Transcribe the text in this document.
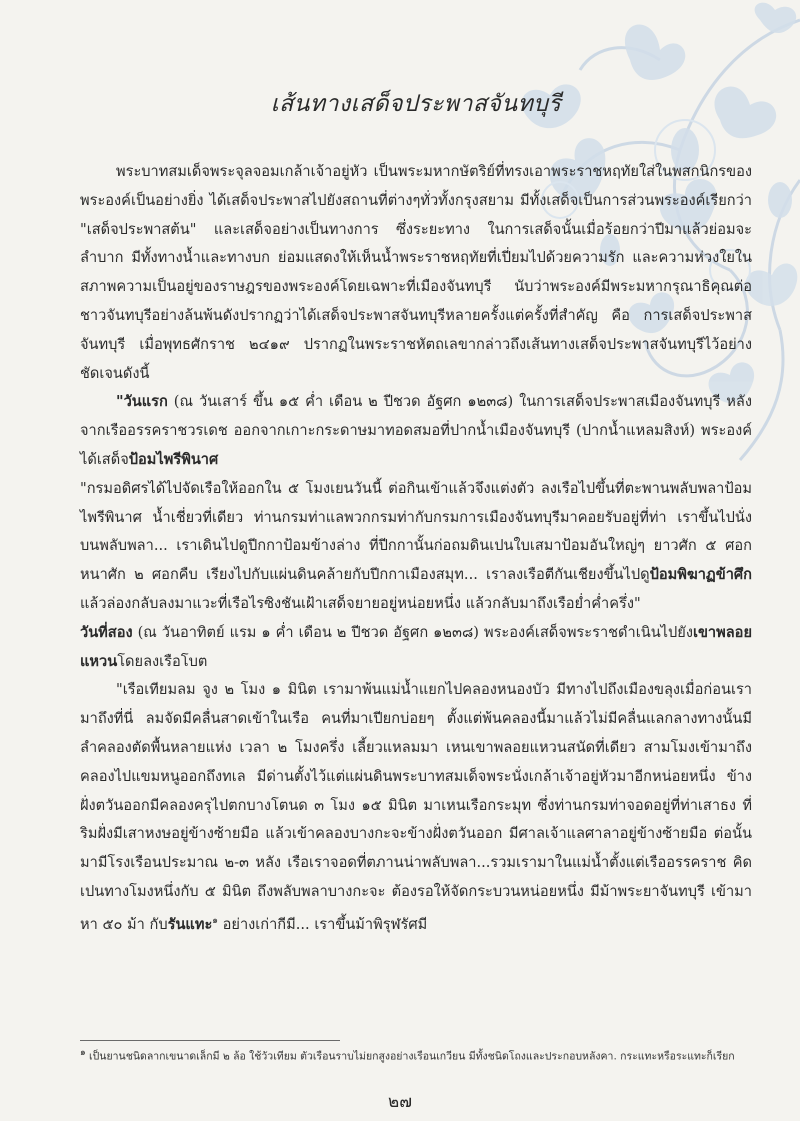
เส้นทางเสด็จประพาสจันทบุรี

พระบาทสมเด็จพระจุลจอมเกล้าเจ้าอยู่หัว เป็นพระมหากษัตริย์ที่ทรงเอาพระราชหฤทัยใส่ในพสกนิกรของพระองค์เป็นอย่างยิ่ง ได้เสด็จประพาสไปยังสถานที่ต่างๆทั่วทั้งกรุงสยาม มีทั้งเสด็จเป็นการส่วนพระองค์เรียกว่า "เสด็จประพาสต้น" และเสด็จอย่างเป็นทางการ ซึ่งระยะทาง ในการเสด็จนั้นเมื่อร้อยกว่าปีมาแล้วย่อมจะลำบาก มีทั้งทางน้ำและทางบก ย่อมแสดงให้เห็นน้ำพระราชหฤทัยที่เปี่ยมไปด้วยความรัก และความห่วงใยใน สภาพความเป็นอยู่ของราษฎรของพระองค์โดยเฉพาะที่เมืองจันทบุรี นับว่าพระองค์มีพระมหากรุณาธิคุณต่อชาวจันทบุรีอย่างล้นพ้นดังปรากฏว่าได้เสด็จประพาสจันทบุรีหลายครั้งแต่ครั้งที่สำคัญ คือ การเสด็จประพาสจันทบุรี เมื่อพุทธศักราช ๒๔๑๙ ปรากฏในพระราชหัตถเลขากล่าวถึงเส้นทางเสด็จประพาสจันทบุรีไว้อย่างชัดเจนดังนี้

"วันแรก (ณ วันเสาร์ ขึ้น ๑๕ ค่ำ เดือน ๒ ปีชวด อัฐศก ๑๒๓๘) ในการเสด็จประพาสเมืองจันทบุรี หลังจากเรืออรรคราชวรเดช ออกจากเกาะกระดาษมาทอดสมอที่ปากน้ำเมืองจันทบุรี (ปากน้ำแหลมสิงห์) พระองค์ได้เสด็จป้อมไพรีพินาศ

"กรมอดิศรได้ไปจัดเรือให้ออกใน ๕ โมงเยนวันนี้ ต่อกินเข้าแล้วจึงแต่งตัว ลงเรือไปขึ้นที่ตะพานพลับพลาป้อมไพรีพินาศ น้ำเชี่ยวที่เดียว ท่านกรมท่าแลพวกกรมท่ากับกรมการเมืองจันทบุรีมาคอยรับอยู่ที่ท่า เราขึ้นไปนั่งบนพลับพลา... เราเดินไปดูปีกกาป้อมข้างล่าง ที่ปีกกานั้นก่อถมดินเปนใบเสมาป้อมอันใหญ่ๆ ยาวศัก ๕ ศอก หนาศัก ๒ ศอกคืบ เรียงไปกับแผ่นดินคล้ายกับปีกกาเมืองสมุท... เราลงเรือตีกันเชียงขึ้นไปดูป้อมพิฆาฏข้าศึก แล้วล่องกลับลงมาแวะที่เรือไรซิงชันเฝ้าเสด็จยายอยู่หน่อยหนึ่ง แล้วกลับมาถึงเรือย่ำค่ำครึ่ง"

วันที่สอง (ณ วันอาทิตย์ แรม ๑ ค่ำ เดือน ๒ ปีชวด อัฐศก ๑๒๓๘) พระองค์เสด็จพระราชดำเนินไปยังเขาพลอยแหวนโดยลงเรือโบต

"เรือเทียมลม จูง ๒ โมง ๑ มินิต เรามาพ้นแม่น้ำแยกไปคลองหนองบัว มีทางไปถึงเมืองขลุงเมื่อก่อนเรามาถึงที่นี่ ลมจัดมีคลื่นสาดเข้าในเรือ คนที่มาเปียกบ่อยๆ ตั้งแต่พ้นคลองนี้มาแล้วไม่มีคลื่นแลกลางทางนั้นมีลำคลองตัดพื้นหลายแห่ง เวลา ๒ โมงครึ่ง เลี้ยวแหลมมา เหนเขาพลอยแหวนสนัดที่เดียว สามโมงเข้ามาถึงคลองไปแขมหนูออกถึงทเล มีด่านตั้งไว้แต่แผ่นดินพระบาทสมเด็จพระนั่งเกล้าเจ้าอยู่หัวมาอีกหน่อยหนึ่ง ข้างฝั่งตวันออกมีคลองครุไปตกบางโตนด ๓ โมง ๑๕ มินิต มาเหนเรือกระมุท ซึ่งท่านกรมท่าจอดอยู่ที่ท่าเสาธง ที่ริมฝั่งมีเสาหงษอยู่ข้างซ้ายมือ แล้วเข้าคลองบางกะจะข้างฝั่งตวันออก มีศาลเจ้าแลศาลาอยู่ข้างซ้ายมือ ต่อนั้นมามีโรงเรือนประมาณ ๒-๓ หลัง เรือเราจอดที่ตภานน่าพลับพลา...รวมเรามาในแม่น้ำตั้งแต่เรืออรรคราช คิดเปนทางโมงหนึ่งกับ ๕ มินิต ถึงพลับพลาบางกะจะ ต้องรอให้จัดกระบวนหน่อยหนึ่ง มีม้าพระยาจันทบุรี เข้ามาหา ๕๐ ม้า กับรันแทะ$^๑$ อย่างเก่ากีมี... เราขึ้นม้าพิรุฬรัศมี

๑ เป็นยานชนิดลากเขนาดเล็กมี ๒ ล้อ ใช้วัวเทียม ตัวเรือนราบไม่ยกสูงอย่างเรือนเกวียน มีทั้งชนิดโถงและประกอบหลังคา. กระแทะหรือระแทะก็เรียก
๒๗
